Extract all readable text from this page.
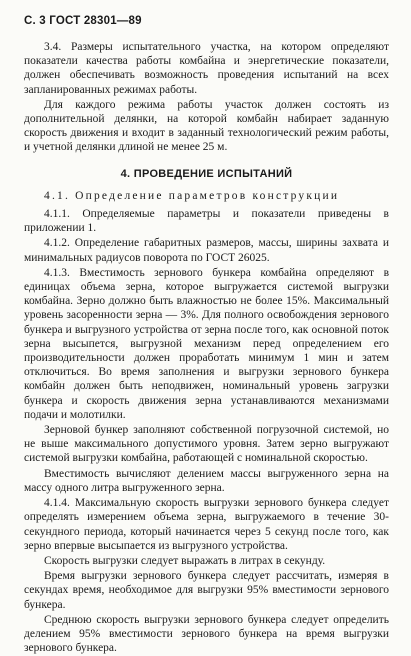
С. 3 ГОСТ 28301—89

3.4. Размеры испытательного участка, на котором определяют показатели качества работы комбайна и энергетические показатели, должен обеспечивать возможность проведения испытаний на всех запланированных режимах работы.

Для каждого режима работы участок должен состоять из дополнительной делянки, на которой комбайн набирает заданную скорость движения и входит в заданный технологический режим работы, и учетной делянки длиной не менее 25 м.

4. ПРОВЕДЕНИЕ ИСПЫТАНИЙ

4.1. Определение параметров конструкции

4.1.1. Определяемые параметры и показатели приведены в приложении 1.

4.1.2. Определение габаритных размеров, массы, ширины захвата и минимальных радиусов поворота по ГОСТ 26025.

4.1.3. Вместимость зернового бункера комбайна определяют в единицах объема зерна, которое выгружается системой выгрузки комбайна. Зерно должно быть влажностью не более 15%. Максимальный уровень засоренности зерна — 3%. Для полного освобождения зернового бункера и выгрузного устройства от зерна после того, как основной поток зерна высыпется, выгрузной механизм перед определением его производительности должен проработать минимум 1 мин и затем отключиться. Во время заполнения и выгрузки зернового бункера комбайн должен быть неподвижен, номинальный уровень загрузки бункера и скорость движения зерна устанавливаются механизмами подачи и молотилки.

Зерновой бункер заполняют собственной погрузочной системой, но не выше максимального допустимого уровня. Затем зерно выгружают системой выгрузки комбайна, работающей с номинальной скоростью.

Вместимость вычисляют делением массы выгруженного зерна на массу одного литра выгруженного зерна.

4.1.4. Максимальную скорость выгрузки зернового бункера следует определять измерением объема зерна, выгружаемого в течение 30-секундного периода, который начинается через 5 секунд после того, как зерно впервые высыпается из выгрузного устройства.

Скорость выгрузки следует выражать в литрах в секунду.

Время выгрузки зернового бункера следует рассчитать, измеряя в секундах время, необходимое для выгрузки 95% вместимости зернового бункера.

Среднюю скорость выгрузки зернового бункера следует определить делением 95% вместимости зернового бункера на время выгрузки зернового бункера.
